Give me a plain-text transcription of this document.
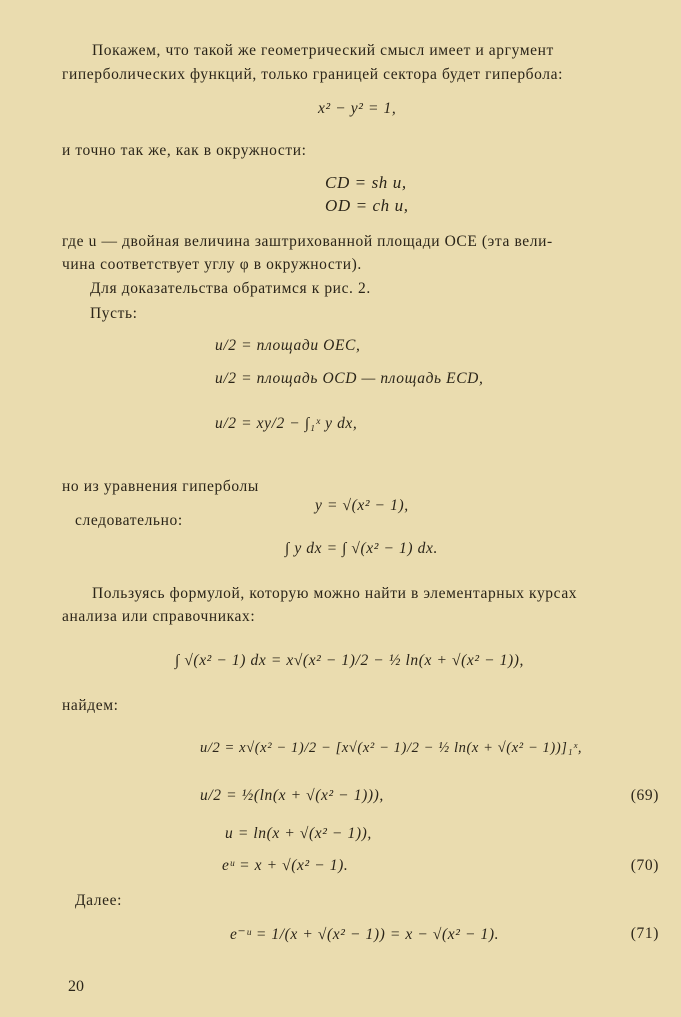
Покажем, что такой же геометрический смысл имеет и аргумент
гиперболических функций, только границей сектора будет гипербола:
x² − y² = 1,
и точно так же, как в окружности:
CD = sh u,
OD = ch u,
где u — двойная величина заштрихованной площади OCE (эта вели-
чина соответствует углу φ в окружности).
Для доказательства обратимся к рис. 2.
Пусть:
u/2 = площади OEC,
u/2 = площадь OCD — площадь ECD,
u/2 = xy/2 − ∫₁ˣ y dx,
но из уравнения гиперболы
y = √(x² − 1),
следовательно:
∫ y dx = ∫ √(x² − 1) dx.
Пользуясь формулой, которую можно найти в элементарных курсах
анализа или справочниках:
∫ √(x² − 1) dx = x√(x² − 1)/2 − ½ ln(x + √(x² − 1)),
найдем:
u/2 = x√(x² − 1)/2 − [x√(x² − 1)/2 − ½ ln(x + √(x² − 1))]₁ˣ,
u/2 = ½(ln(x + √(x² − 1))),	(69)
u = ln(x + √(x² − 1)),
eᵘ = x + √(x² − 1).	(70)
Далее:
e⁻ᵘ = 1/(x + √(x² − 1)) = x − √(x² − 1).	(71)
20
